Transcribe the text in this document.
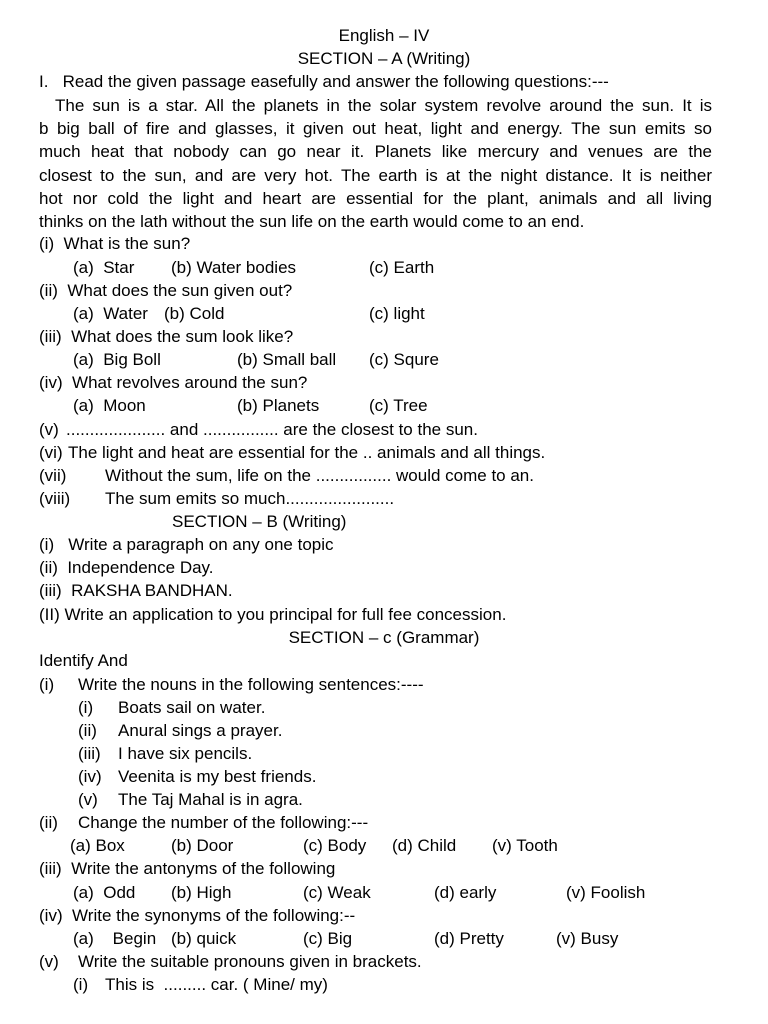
English – IV
SECTION – A (Writing)
I.   Read the given passage easefully and answer the following questions:---
The sun is a star. All the planets in the solar system revolve around the sun. It is
b big ball of fire and glasses, it given out heat, light and energy. The sun emits so
much heat that nobody can go near it. Planets like mercury and venues are the
closest to the sun, and are very hot. The earth is at the night distance. It is neither
hot nor cold the light and heart are essential for the plant, animals and all living
thinks on the lath without the sun life on the earth would come to an end.
(i)  What is the sun?
(a)  Star (b) Water bodies	(c) Earth
(ii)  What does the sun given out?
(a)  Water (b) Cold	(c) light
(iii)  What does the sum look like?
(a)  Big Boll	(b) Small ball (c) Squre
(iv)  What revolves around the sun?
(a)  Moon	(b) Planets	(c) Tree
(v) ..................... and ................ are the closest to the sun.
(vi) The light and heat are essential for the .. animals and all things.
(vii) Without the sum, life on the ................ would come to an.
(viii) The sum emits so much.......................
SECTION – B (Writing)
(i)   Write a paragraph on any one topic
(ii)  Independence Day.
(iii)  RAKSHA BANDHAN.
(II) Write an application to you principal for full fee concession.
SECTION – c (Grammar)
Identify And
(i) Write the nouns in the following sentences:----
(i) Boats sail on water.
(ii) Anural sings a prayer.
(iii) I have six pencils.
(iv) Veenita is my best friends.
(v) The Taj Mahal is in agra.
(ii) Change the number of the following:---
(a) Box	(b) Door	(c) Body (d) Child (v) Tooth
(iii)  Write the antonyms of the following
(a)  Odd (b) High	(c) Weak	(d) early	(v) Foolish
(iv)  Write the synonyms of the following:--
(a)    Begin (b) quick	(c) Big	(d) Pretty	(v) Busy
(v) Write the suitable pronouns given in brackets.
(i) This is  ......... car. ( Mine/ my)
